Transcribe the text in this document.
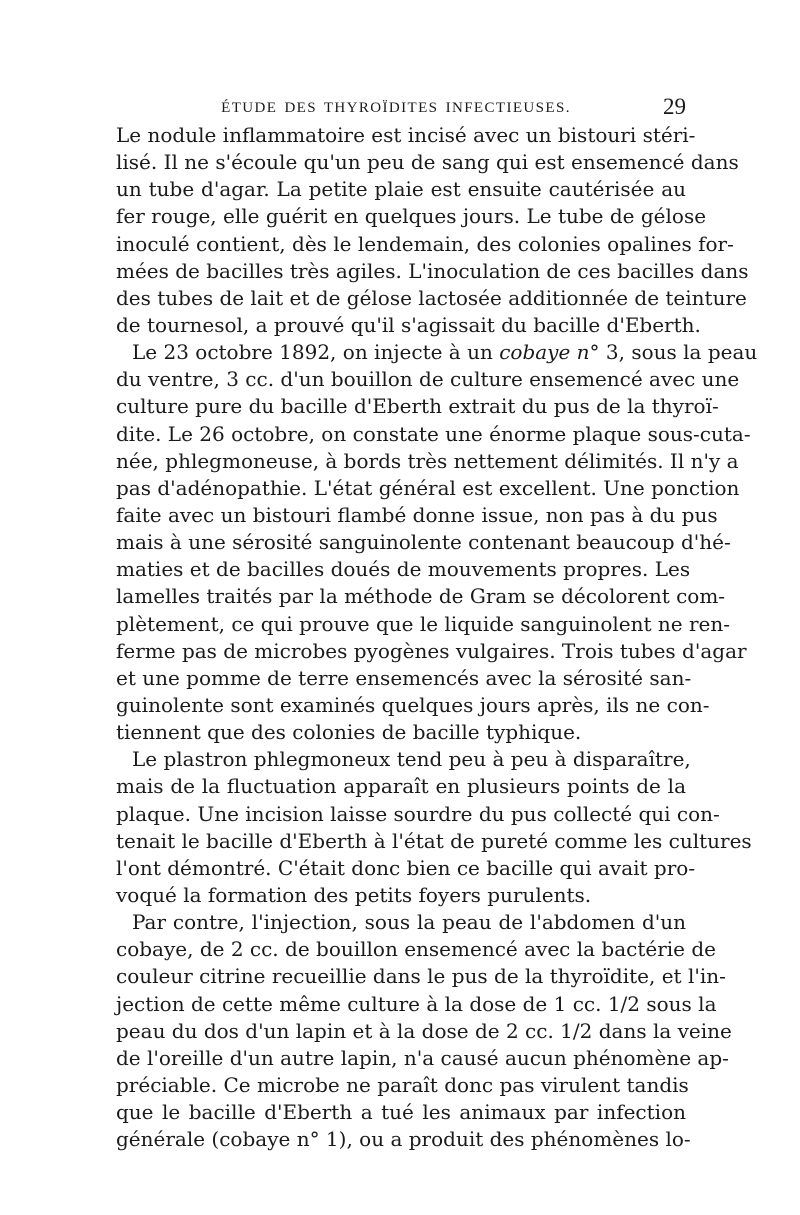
ÉTUDE DES THYROÏDITES INFECTIEUSES.	29
Le nodule inflammatoire est incisé avec un bistouri stéri-
lisé. Il ne s'écoule qu'un peu de sang qui est ensemencé dans
un tube d'agar. La petite plaie est ensuite cautérisée au
fer rouge, elle guérit en quelques jours. Le tube de gélose
inoculé contient, dès le lendemain, des colonies opalines for-
mées de bacilles très agiles. L'inoculation de ces bacilles dans
des tubes de lait et de gélose lactosée additionnée de teinture
de tournesol, a prouvé qu'il s'agissait du bacille d'Eberth.
Le 23 octobre 1892, on injecte à un cobaye n° 3, sous la peau
du ventre, 3 cc. d'un bouillon de culture ensemencé avec une
culture pure du bacille d'Eberth extrait du pus de la thyroï-
dite. Le 26 octobre, on constate une énorme plaque sous-cuta-
née, phlegmoneuse, à bords très nettement délimités. Il n'y a
pas d'adénopathie. L'état général est excellent. Une ponction
faite avec un bistouri flambé donne issue, non pas à du pus
mais à une sérosité sanguinolente contenant beaucoup d'hé-
maties et de bacilles doués de mouvements propres. Les
lamelles traités par la méthode de Gram se décolorent com-
plètement, ce qui prouve que le liquide sanguinolent ne ren-
ferme pas de microbes pyogènes vulgaires. Trois tubes d'agar
et une pomme de terre ensemencés avec la sérosité san-
guinolente sont examinés quelques jours après, ils ne con-
tiennent que des colonies de bacille typhique.
Le plastron phlegmoneux tend peu à peu à disparaître,
mais de la fluctuation apparaît en plusieurs points de la
plaque. Une incision laisse sourdre du pus collecté qui con-
tenait le bacille d'Eberth à l'état de pureté comme les cultures
l'ont démontré. C'était donc bien ce bacille qui avait pro-
voqué la formation des petits foyers purulents.
Par contre, l'injection, sous la peau de l'abdomen d'un
cobaye, de 2 cc. de bouillon ensemencé avec la bactérie de
couleur citrine recueillie dans le pus de la thyroïdite, et l'in-
jection de cette même culture à la dose de 1 cc. 1/2 sous la
peau du dos d'un lapin et à la dose de 2 cc. 1/2 dans la veine
de l'oreille d'un autre lapin, n'a causé aucun phénomène ap-
préciable. Ce microbe ne paraît donc pas virulent tandis
que le bacille d'Eberth a tué les animaux par infection
générale (cobaye n° 1), ou a produit des phénomènes lo-
